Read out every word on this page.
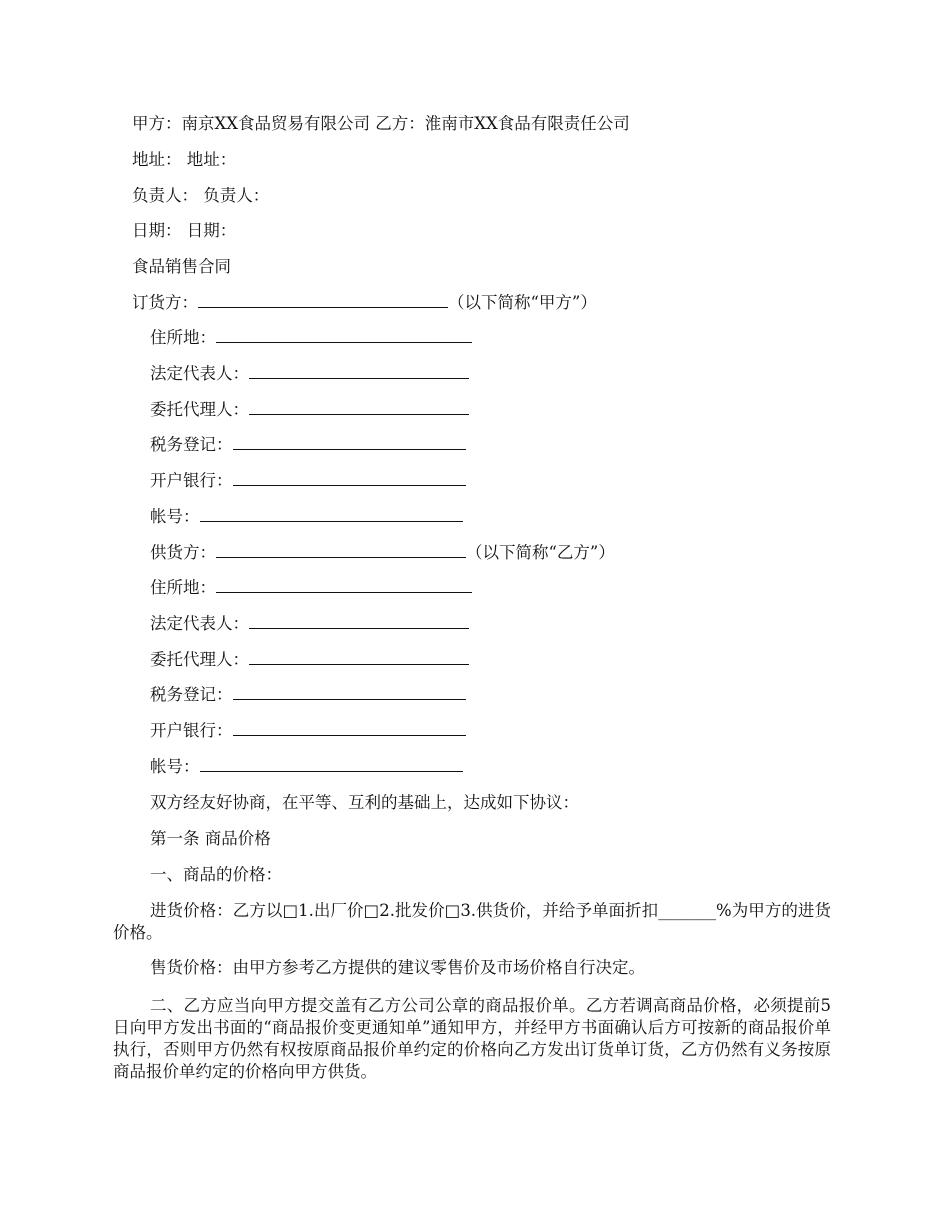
甲方：南京XX食品贸易有限公司 乙方：淮南市XX食品有限责任公司
地址： 地址：
负责人： 负责人：
日期： 日期：
食品销售合同
订货方：	（以下简称“甲方”）
住所地：
法定代表人：
委托代理人：
税务登记：
开户银行：
帐号：
供货方：	（以下简称“乙方”）
住所地：
法定代表人：
委托代理人：
税务登记：
开户银行：
帐号：
双方经友好协商，在平等、互利的基础上，达成如下协议：
第一条 商品价格
一、商品的价格：
进货价格：乙方以□1.出厂价□2.批发价□3.供货价，并给予单面折扣_______%为甲方的进货价格。
售货价格：由甲方参考乙方提供的建议零售价及市场价格自行决定。
二、乙方应当向甲方提交盖有乙方公司公章的商品报价单。乙方若调高商品价格，必须提前5日向甲方发出书面的“商品报价变更通知单”通知甲方，并经甲方书面确认后方可按新的商品报价单执行，否则甲方仍然有权按原商品报价单约定的价格向乙方发出订货单订货，乙方仍然有义务按原商品报价单约定的价格向甲方供货。
